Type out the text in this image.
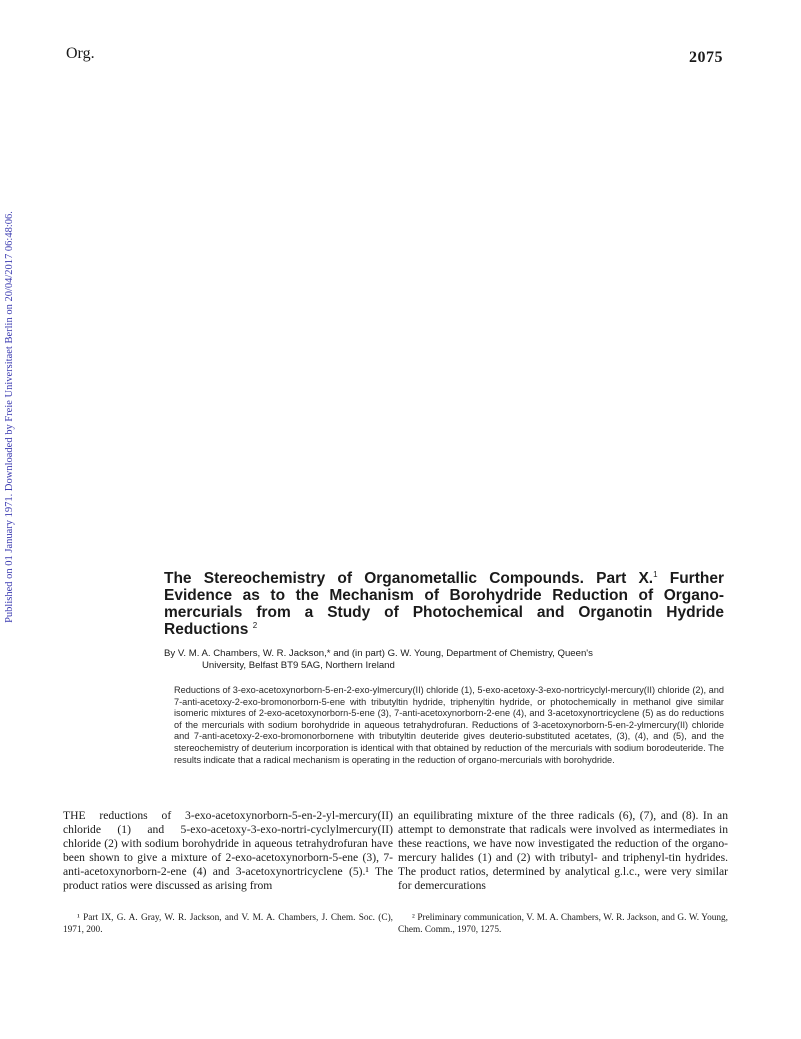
Org.	2075
Published on 01 January 1971. Downloaded by Freie Universitaet Berlin on 20/04/2017 06:48:06.	The Stereochemistry of Organometallic Compounds. Part X.$^1$ Further Evidence as to the Mechanism of Borohydride Reduction of Organo-mercurials from a Study of Photochemical and Organotin Hydride Reductions $^2$
By V. M. A. Chambers, W. R. Jackson,* and (in part) G. W. Young, Department of Chemistry, Queen's
University, Belfast BT9 5AG, Northern Ireland
Reductions of 3-exo-acetoxynorborn-5-en-2-exo-ylmercury(II) chloride (1), 5-exo-acetoxy-3-exo-nortricyclyl-mercury(II) chloride (2), and 7-anti-acetoxy-2-exo-bromonorborn-5-ene with tributyltin hydride, triphenyltin hydride, or photochemically in methanol give similar isomeric mixtures of 2-exo-acetoxynorborn-5-ene (3), 7-anti-acetoxynorborn-2-ene (4), and 3-acetoxynortricyclene (5) as do reductions of the mercurials with sodium borohydride in aqueous tetrahydrofuran. Reductions of 3-acetoxynorborn-5-en-2-ylmercury(II) chloride and 7-anti-acetoxy-2-exo-bromonorbornene with tributyltin deuteride gives deuterio-substituted acetates, (3), (4), and (5), and the stereochemistry of deuterium incorporation is identical with that obtained by reduction of the mercurials with sodium borodeuteride. The results indicate that a radical mechanism is operating in the reduction of organo-mercurials with borohydride.

THE reductions of 3-exo-acetoxynorborn-5-en-2-yl-mercury(II) chloride (1) and 5-exo-acetoxy-3-exo-nortri-cyclylmercury(II) chloride (2) with sodium borohydride in aqueous tetrahydrofuran have been shown to give a mixture of 2-exo-acetoxynorborn-5-ene (3), 7-anti-acetoxynorborn-2-ene (4) and 3-acetoxynortricyclene (5).¹ The product ratios were discussed as arising from

an equilibrating mixture of the three radicals (6), (7), and (8). In an attempt to demonstrate that radicals were involved as intermediates in these reactions, we have now investigated the reduction of the organo-mercury halides (1) and (2) with tributyl- and triphenyl-tin hydrides. The product ratios, determined by analytical g.l.c., were very similar for demercurations

¹ Part IX, G. A. Gray, W. R. Jackson, and V. M. A. Chambers, J. Chem. Soc. (C), 1971, 200.
² Preliminary communication, V. M. A. Chambers, W. R. Jackson, and G. W. Young, Chem. Comm., 1970, 1275.
